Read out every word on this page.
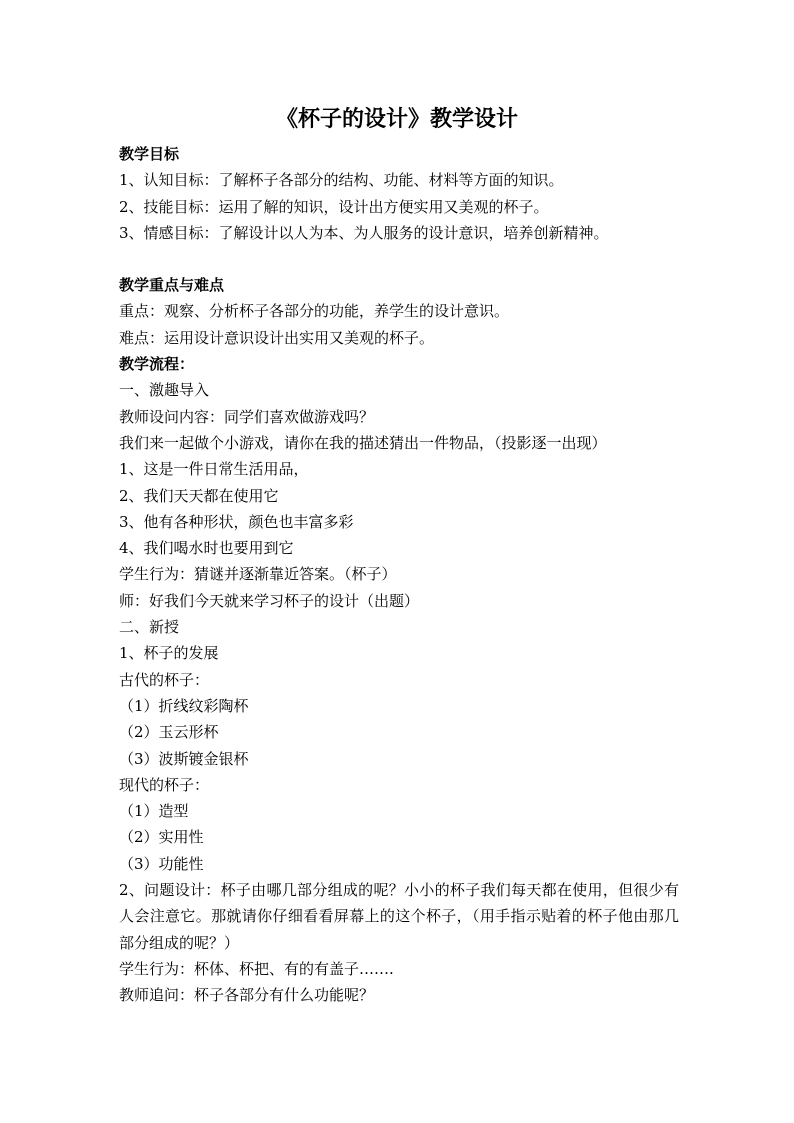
《杯子的设计》教学设计
教学目标
1、认知目标：了解杯子各部分的结构、功能、材料等方面的知识。
2、技能目标：运用了解的知识，设计出方便实用又美观的杯子。
3、情感目标：了解设计以人为本、为人服务的设计意识，培养创新精神。
教学重点与难点
重点：观察、分析杯子各部分的功能，养学生的设计意识。
难点：运用设计意识设计出实用又美观的杯子。
教学流程：
一、激趣导入
教师设问内容：同学们喜欢做游戏吗？
我们来一起做个小游戏，请你在我的描述猜出一件物品，（投影逐一出现）
1、这是一件日常生活用品，
2、我们天天都在使用它
3、他有各种形状，颜色也丰富多彩
4、我们喝水时也要用到它
学生行为：猜谜并逐渐靠近答案。（杯子）
师：好我们今天就来学习杯子的设计（出题）
二、新授
1、杯子的发展
古代的杯子：
（1）折线纹彩陶杯
（2）玉云形杯
（3）波斯镀金银杯
现代的杯子：
（1）造型
（2）实用性
（3）功能性
2、问题设计：杯子由哪几部分组成的呢？小小的杯子我们每天都在使用，但很少有人会注意它。那就请你仔细看看屏幕上的这个杯子，（用手指示贴着的杯子他由那几部分组成的呢？）
学生行为：杯体、杯把、有的有盖子…….
教师追问：杯子各部分有什么功能呢？
